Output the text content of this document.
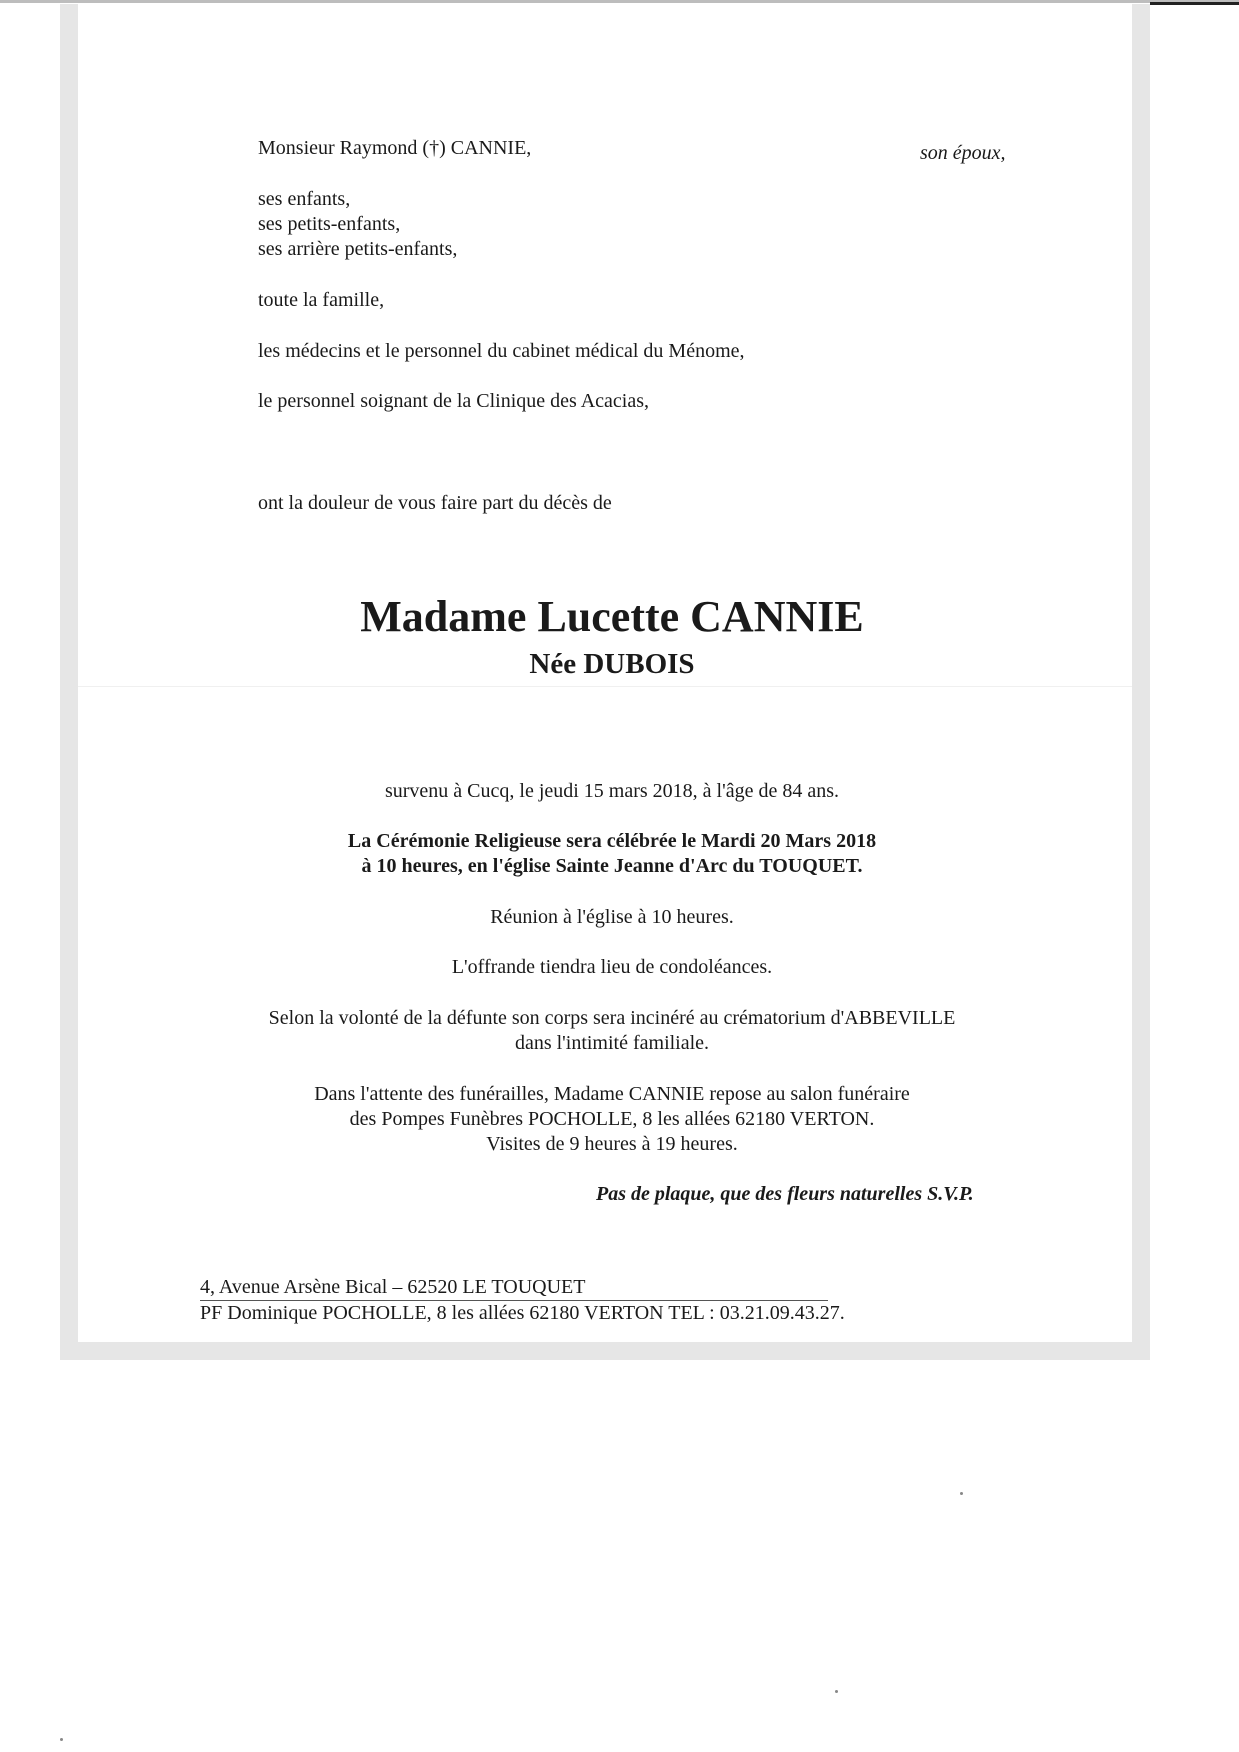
Monsieur Raymond (†) CANNIE,	son époux,

ses enfants,

ses petits-enfants,

ses arrière petits-enfants,

toute la famille,

les médecins et le personnel du cabinet médical du Ménome,

le personnel soignant de la Clinique des Acacias,

ont la douleur de vous faire part du décès de

Madame Lucette CANNIE

Née DUBOIS

survenu à Cucq, le jeudi 15 mars 2018, à l'âge de 84 ans.

La Cérémonie Religieuse sera célébrée le Mardi 20 Mars 2018

à 10 heures, en l'église Sainte Jeanne d'Arc du TOUQUET.

Réunion à l'église à 10 heures.

L'offrande tiendra lieu de condoléances.

Selon la volonté de la défunte son corps sera incinéré au crématorium d'ABBEVILLE

dans l'intimité familiale.

Dans l'attente des funérailles, Madame CANNIE repose au salon funéraire

des Pompes Funèbres POCHOLLE, 8 les allées 62180 VERTON.

Visites de 9 heures à 19 heures.

Pas de plaque, que des fleurs naturelles S.V.P.

4, Avenue Arsène Bical – 62520 LE TOUQUET

PF Dominique POCHOLLE, 8 les allées 62180 VERTON TEL : 03.21.09.43.27.
